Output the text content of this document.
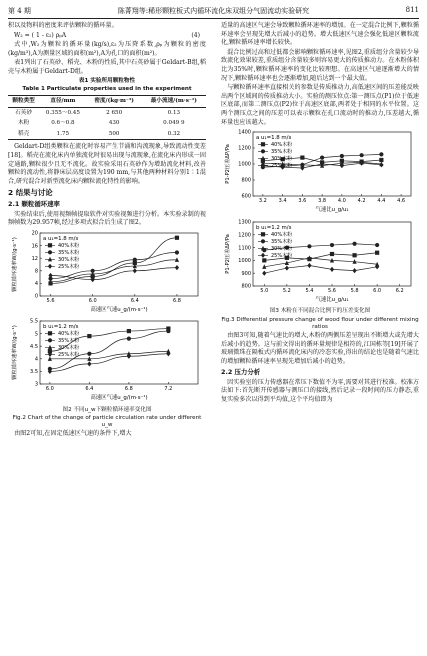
第 4 期	陈菁翔等:稀形颗粒板式内循环流化床双组分气固流动实验研究	811

积以及物料的密度来评估颗粒的循环量。

W₂ = ( 1 - ε₂) ρₚA	(4)

式中,W₂为颗粒的循环量(kg/s),ε₂为压降系数,ρₚ为颗粒的密度(kg/m³),A为测量区域的面积(m²),A为孔口的面积(m²)。

表1列出了石英砂、稻壳、木粉的性质,其中石英砂属于Geldart-B组,稻壳与木粉属于Geldart-D组。

表1 实验所用颗粒物性
Table 1 Particulate properties used in the experiment
颗粒类型	直径/mm	密度/(kg·m⁻³)	最小流速/(m·s⁻¹)
石英砂	0.355～0.45	2 650	0.13
木粉	0.6～0.8	430	0.049 9
稻壳	1.75	500	0.32

Geldart-D组类颗粒在流化时容易产生节涌和沟流现象,导致流动性变差[18]。稻壳在流化床内单独流化时很易出现与流现象,在流化床内形成一固定通路,颗粒很少且无不流化。故实验采用石英砂作为增助流化材料,改善颗粒的流动性,将静床层高度设置为190 mm,与其他两种材料分别1∶1混合,研究混合对新型流化床内颗粒流化特性的影响。

2 结果与讨论
2.1 颗粒循环速率

实验结束后,使用视频帧提取软件对实验视频进行分析。本实验录制的视频帧数为29.957帧,经过多项式拟合后生成了图2。

5.6	6.0	6.4	6.8
0
4
8
12
16
20
高速区气速u_g/(m·s⁻¹)
颗粒循环速率W/(g·s⁻¹)	a u₁=1.8 m/s
40%木粉
35%木粉
30%木粉
25%木粉

6.0	6.4	6.8	7.2
3
3.5
4
4.5
5
5.5
高速区气速u_g/(m·s⁻¹)
颗粒循环速率W/(g·s⁻¹)	b u₁=1.2 m/s
40%木粉
35%木粉
30%木粉
25%木粉
图2 不同u_w下颗粒循环速率变化图
Fig.2 Chart of the change of particle circulation rate under different u_w

由图2可知,在固定低速区气速的条件下,增大

适量的高速区气速会导致颗粒循环速率的增加。在一定混合比例下,颗粒循环速率会呈现先增大后减小的趋势。增大低速区气速会强化低速区颗粒流化,颗粒循环速率增长较快。

混合比例过高和过低都会影响颗粒循环速率,见图2,重质组分含量较少导致流化效果较差,重质组分含量较多则容易更大的传质推动力。在木粉体积比为35%时,颗粒循环速率的变化比较理想。在高速区气速逐渐增大的情况下,颗粒循环速率也会逐渐增加,随后达到一个最大值。

与颗粒循环速率直接相关的参数是传质推动力,高低速区间的压差能反映出两个区域间的传质推动大小。实验的测压位点:第一测压点(P1)位于低速区底部,而第二测压点(P2)位于高速区底部,两者处于相同的水平位置。这两个测压点之间的压差可以表示颗粒在孔口流动时的推动力,压差越大,循环量也应该越大。

3.2 3.4 3.6 3.8 4.0 4.2 4.4 4.6
600
800
1000
1200
1400
气速比u_g/u₁
P1-P2压差ΔP/Pa
a u₁=1.8 m/s
40%木粉
35%木粉
30%木粉
25%木粉

5.0	5.2	5.4	5.6	5.8	6.0	6.2
800
900
1000
1100
1200
1300
气速比u_g/u₁
P1-P2压差ΔP/Pa
b u₁=1.2 m/s
40%木粉
35%木粉
30%木粉
25%木粉
图3 木粉在不同混合比例下的压差变化图
Fig.3 Differential pressure change of wood flour under different mixing ratios

由图3可知,随着气速比的增大,木粉的两侧压差呈现出不断增大或先增大后减小的趋势。这与前文得出的循环量规律是相符的,江国栋等[19]开展了玻璃微珠在隔板式内循环流化床内的冷态实验,得出的结论也是随着气速比的增加颗粒循环速率呈现先增加后减小的趋势。

2.2 压力分析

因实验室的压力传感器在常压下数值不为零,需要对其进行校准。校准方法如下:首先断开传感器与测压口的接线,然后记录一段时间的压力静态,重复实验多次以得到平均值,这个平均值即为
